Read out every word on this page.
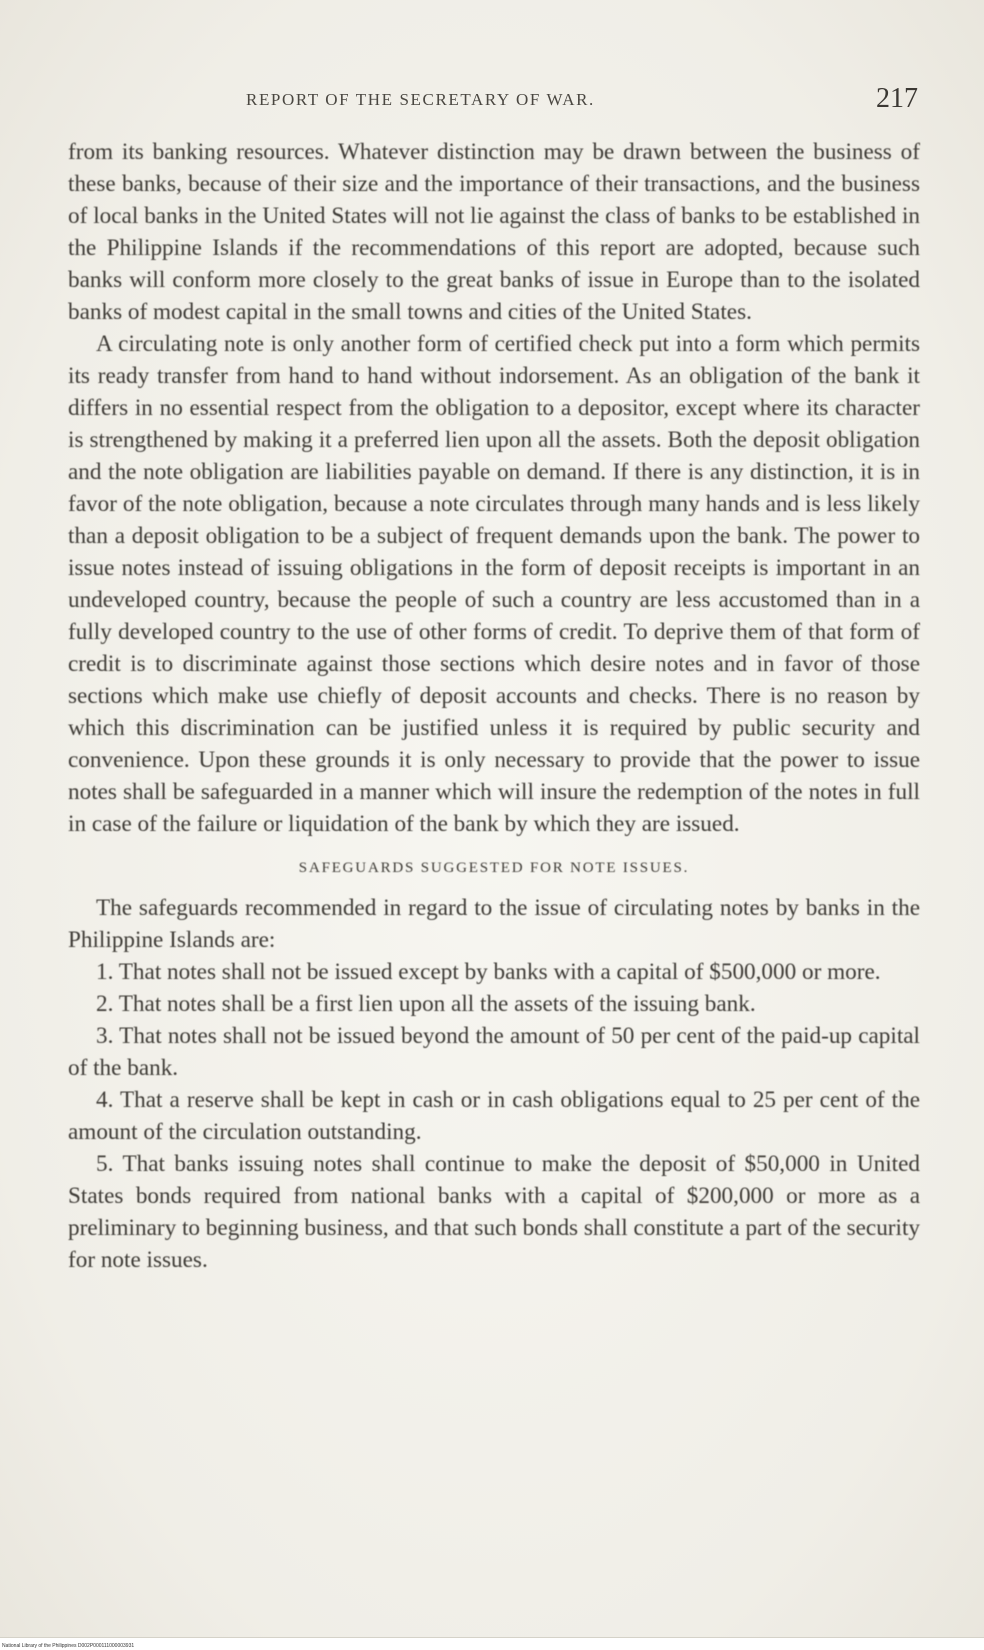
REPORT OF THE SECRETARY OF WAR.	217

from its banking resources. Whatever distinction may be drawn between the business of these banks, because of their size and the importance of their transactions, and the business of local banks in the United States will not lie against the class of banks to be established in the Philippine Islands if the recommendations of this report are adopted, because such banks will conform more closely to the great banks of issue in Europe than to the isolated banks of modest capital in the small towns and cities of the United States.

A circulating note is only another form of certified check put into a form which permits its ready transfer from hand to hand without indorsement. As an obligation of the bank it differs in no essential respect from the obligation to a depositor, except where its character is strengthened by making it a preferred lien upon all the assets. Both the deposit obligation and the note obligation are liabilities payable on demand. If there is any distinction, it is in favor of the note obligation, because a note circulates through many hands and is less likely than a deposit obligation to be a subject of frequent demands upon the bank. The power to issue notes instead of issuing obligations in the form of deposit receipts is important in an undeveloped country, because the people of such a country are less accustomed than in a fully developed country to the use of other forms of credit. To deprive them of that form of credit is to discriminate against those sections which desire notes and in favor of those sections which make use chiefly of deposit accounts and checks. There is no reason by which this discrimination can be justified unless it is required by public security and convenience. Upon these grounds it is only necessary to provide that the power to issue notes shall be safeguarded in a manner which will insure the redemption of the notes in full in case of the failure or liquidation of the bank by which they are issued.

SAFEGUARDS SUGGESTED FOR NOTE ISSUES.

The safeguards recommended in regard to the issue of circulating notes by banks in the Philippine Islands are:

1. That notes shall not be issued except by banks with a capital of $500,000 or more.

2. That notes shall be a first lien upon all the assets of the issuing bank.

3. That notes shall not be issued beyond the amount of 50 per cent of the paid-up capital of the bank.

4. That a reserve shall be kept in cash or in cash obligations equal to 25 per cent of the amount of the circulation outstanding.

5. That banks issuing notes shall continue to make the deposit of $50,000 in United States bonds required from national banks with a capital of $200,000 or more as a preliminary to beginning business, and that such bonds shall constitute a part of the security for note issues.

National Library of the Philippines D002P000111000003931
